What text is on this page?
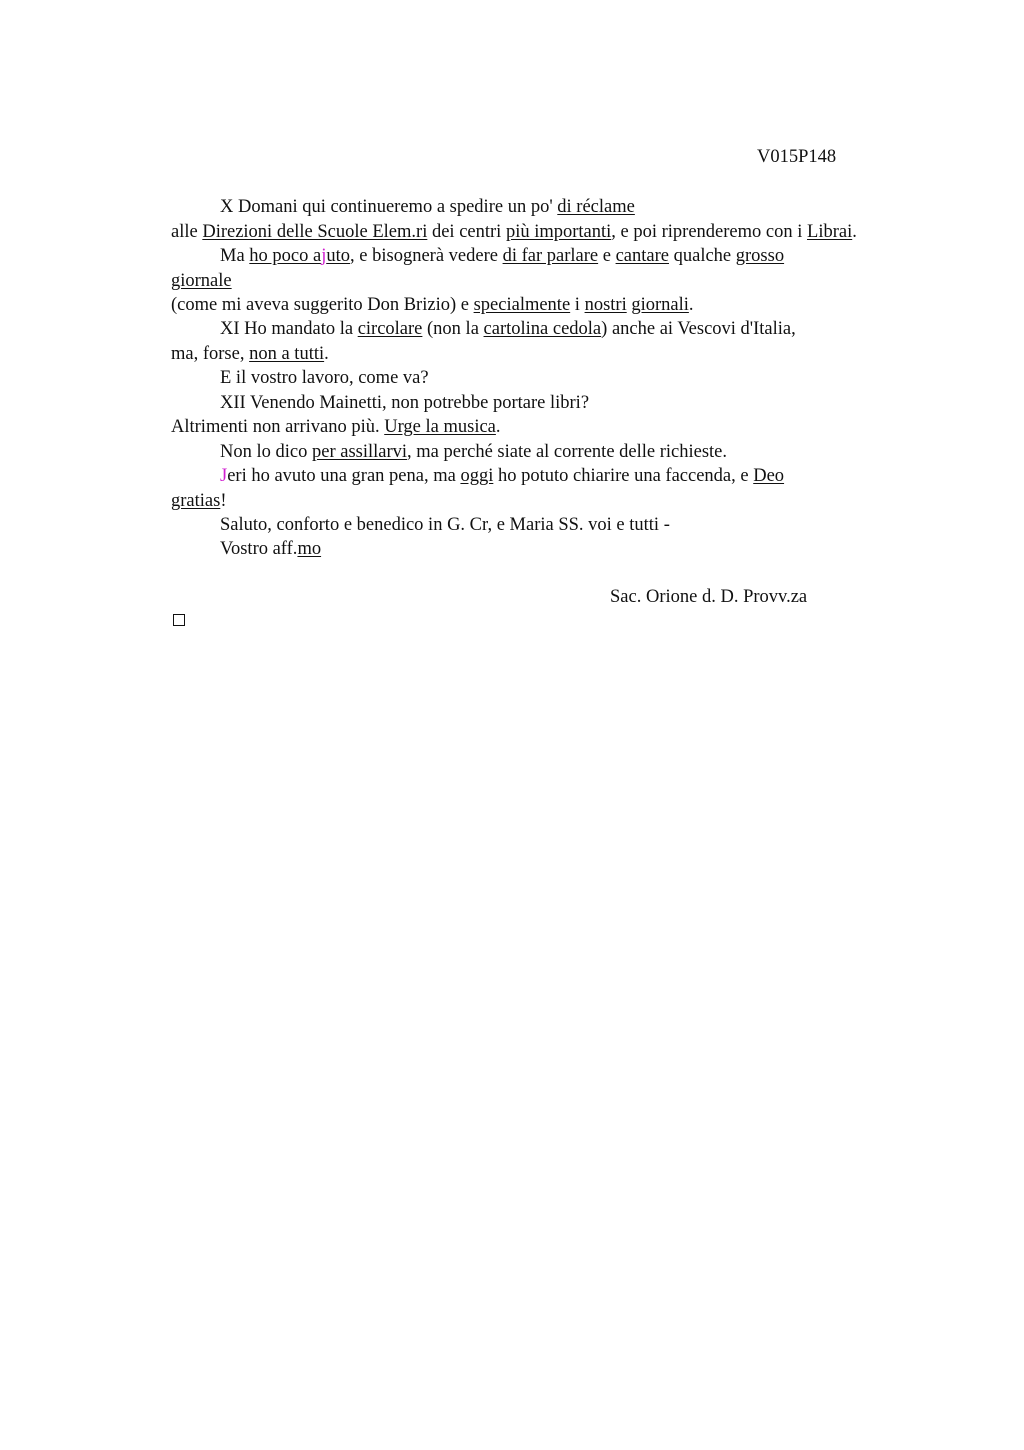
V015P148
X Domani qui continueremo a spedire un po' di réclame
alle Direzioni delle Scuole Elem.ri dei centri più importanti, e poi riprenderemo con i Librai.
Ma ho poco ajuto, e bisognerà vedere di far parlare e cantare qualche grosso
giornale
(come mi aveva suggerito Don Brizio) e specialmente i nostri giornali.
XI Ho mandato la circolare (non la cartolina cedola) anche ai Vescovi d'Italia,
ma, forse, non a tutti.
E il vostro lavoro, come va?
XII Venendo Mainetti, non potrebbe portare libri?
Altrimenti non arrivano più. Urge la musica.
Non lo dico per assillarvi, ma perché siate al corrente delle richieste.
Jeri ho avuto una gran pena, ma oggi ho potuto chiarire una faccenda, e Deo
gratias!
Saluto, conforto e benedico in G. Cr, e Maria SS. voi e tutti -
Vostro aff.mo
Sac. Orione d. D. Provv.za
